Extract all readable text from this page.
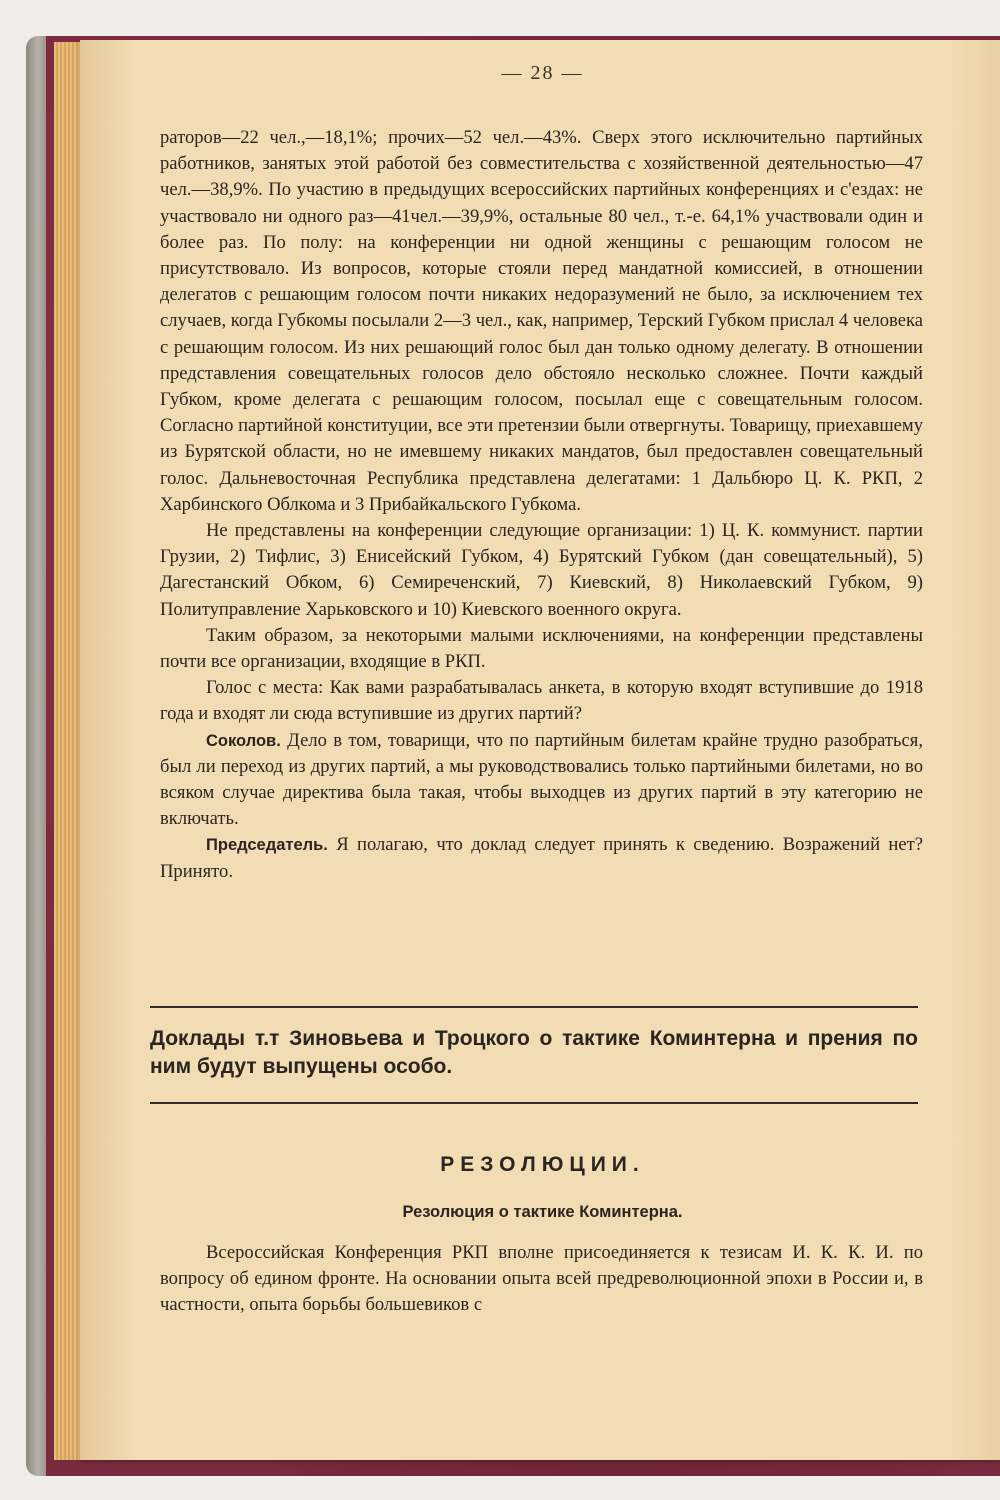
— 28 —

раторов—22 чел.,—18,1%; прочих—52 чел.—43%. Сверх этого исключительно партийных работников, занятых этой работой без совместительства с хозяйственной деятельностью—47 чел.—38,9%. По участию в предыдущих всероссийских партийных конференциях и с'ездах: не участвовало ни одного раз—41чел.—39,9%, остальные 80 чел., т.-е. 64,1% участвовали один и более раз. По полу: на конференции ни одной женщины с решающим голосом не присутствовало. Из вопросов, которые стояли перед мандатной комиссией, в отношении делегатов с решающим голосом почти никаких недоразумений не было, за исключением тех случаев, когда Губкомы посылали 2—3 чел., как, например, Терский Губком прислал 4 человека с решающим голосом. Из них решающий голос был дан только одному делегату. В отношении представления совещательных голосов дело обстояло несколько сложнее. Почти каждый Губком, кроме делегата с решающим голосом, посылал еще с совещательным голосом. Согласно партийной конституции, все эти претензии были отвергнуты. Товарищу, приехавшему из Бурятской области, но не имевшему никаких мандатов, был предоставлен совещательный голос. Дальневосточная Республика представлена делегатами: 1 Дальбюро Ц. К. РКП, 2 Харбинского Облкома и 3 Прибайкальского Губкома.

Не представлены на конференции следующие организации: 1) Ц. К. коммунист. партии Грузии, 2) Тифлис, 3) Енисейский Губком, 4) Бурятский Губком (дан совещательный), 5) Дагестанский Обком, 6) Семиреченский, 7) Киевский, 8) Николаевский Губком, 9) Политуправление Харьковского и 10) Киевского военного округа.

Таким образом, за некоторыми малыми исключениями, на конференции представлены почти все организации, входящие в РКП.

Голос с места: Как вами разрабатывалась анкета, в которую входят вступившие до 1918 года и входят ли сюда вступившие из других партий?

Соколов. Дело в том, товарищи, что по партийным билетам крайне трудно разобраться, был ли переход из других партий, а мы руководствовались только партийными билетами, но во всяком случае директива была такая, чтобы выходцев из других партий в эту категорию не включать.

Председатель. Я полагаю, что доклад следует принять к сведению. Возражений нет? Принято.

Доклады т.т Зиновьева и Троцкого о тактике Коминтерна и прения по ним будут выпущены особо.
РЕЗОЛЮЦИИ.
Резолюция о тактике Коминтерна.

Всероссийская Конференция РКП вполне присоединяется к тезисам И. К. К. И. по вопросу об едином фронте. На основании опыта всей предреволюционной эпохи в России и, в частности, опыта борьбы большевиков с
